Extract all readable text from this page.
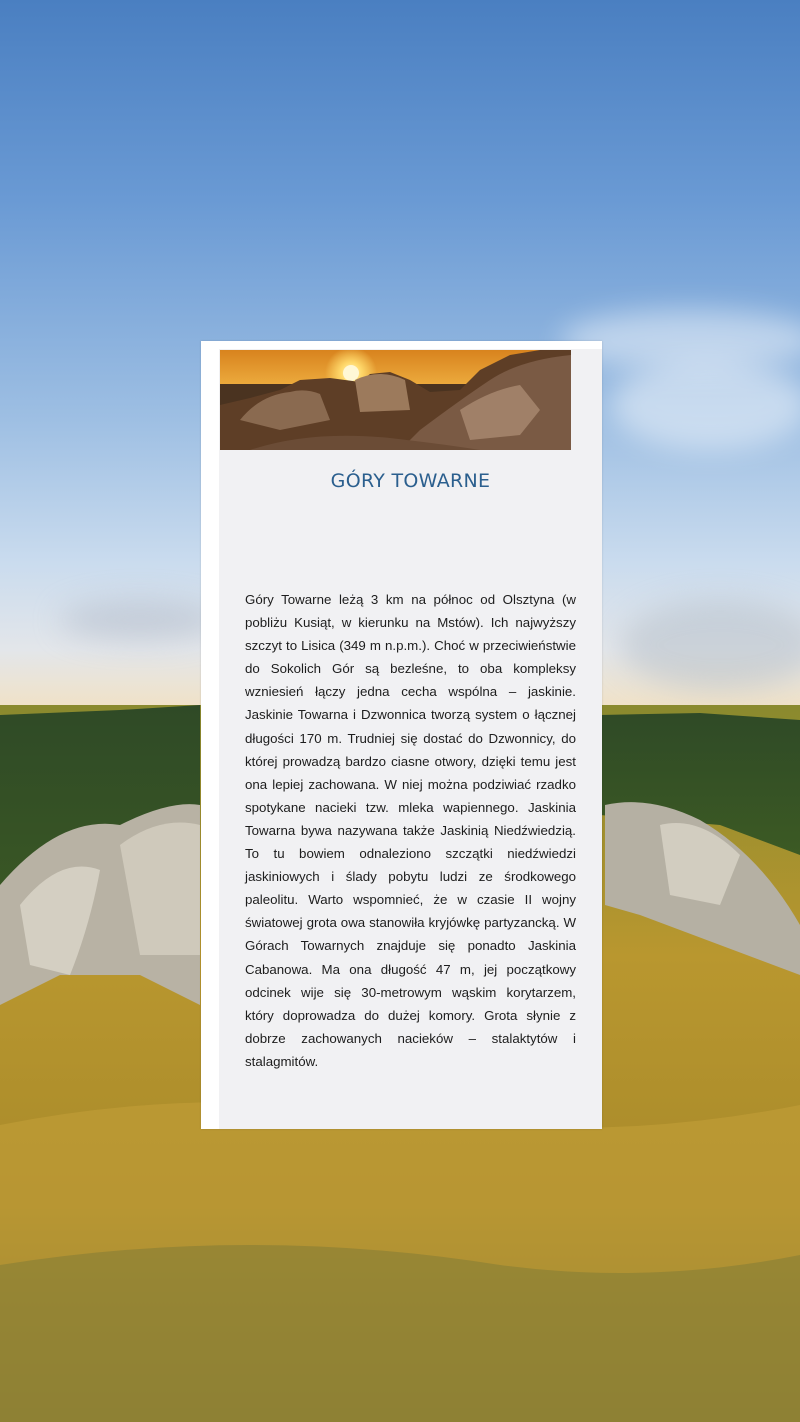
GÓRY TOWARNE
Góry Towarne leżą 3 km na północ od Olsztyna (w pobliżu Kusiąt, w kierunku na Mstów). Ich najwyższy szczyt to Lisica (349 m n.p.m.). Choć w przeciwieństwie do Sokolich Gór są bezleśne, to oba kompleksy wzniesień łączy jedna cecha wspólna – jaskinie. Jaskinie Towarna i Dzwonnica tworzą system o łącznej długości 170 m. Trudniej się dostać do Dzwonnicy, do której prowadzą bardzo ciasne otwory, dzięki temu jest ona lepiej zachowana. W niej można podziwiać rzadko spotykane nacieki tzw. mleka wapiennego. Jaskinia Towarna bywa nazywana także Jaskinią Niedźwiedzią. To tu bowiem odnaleziono szczątki niedźwiedzi jaskiniowych i ślady pobytu ludzi ze środkowego paleolitu. Warto wspomnieć, że w czasie II wojny światowej grota owa stanowiła kryjówkę partyzancką. W Górach Towarnych znajduje się ponadto Jaskinia Cabanowa. Ma ona długość 47 m, jej początkowy odcinek wije się 30-metrowym wąskim korytarzem, który doprowadza do dużej komory. Grota słynie z dobrze zachowanych nacieków – stalaktytów i stalagmitów.
